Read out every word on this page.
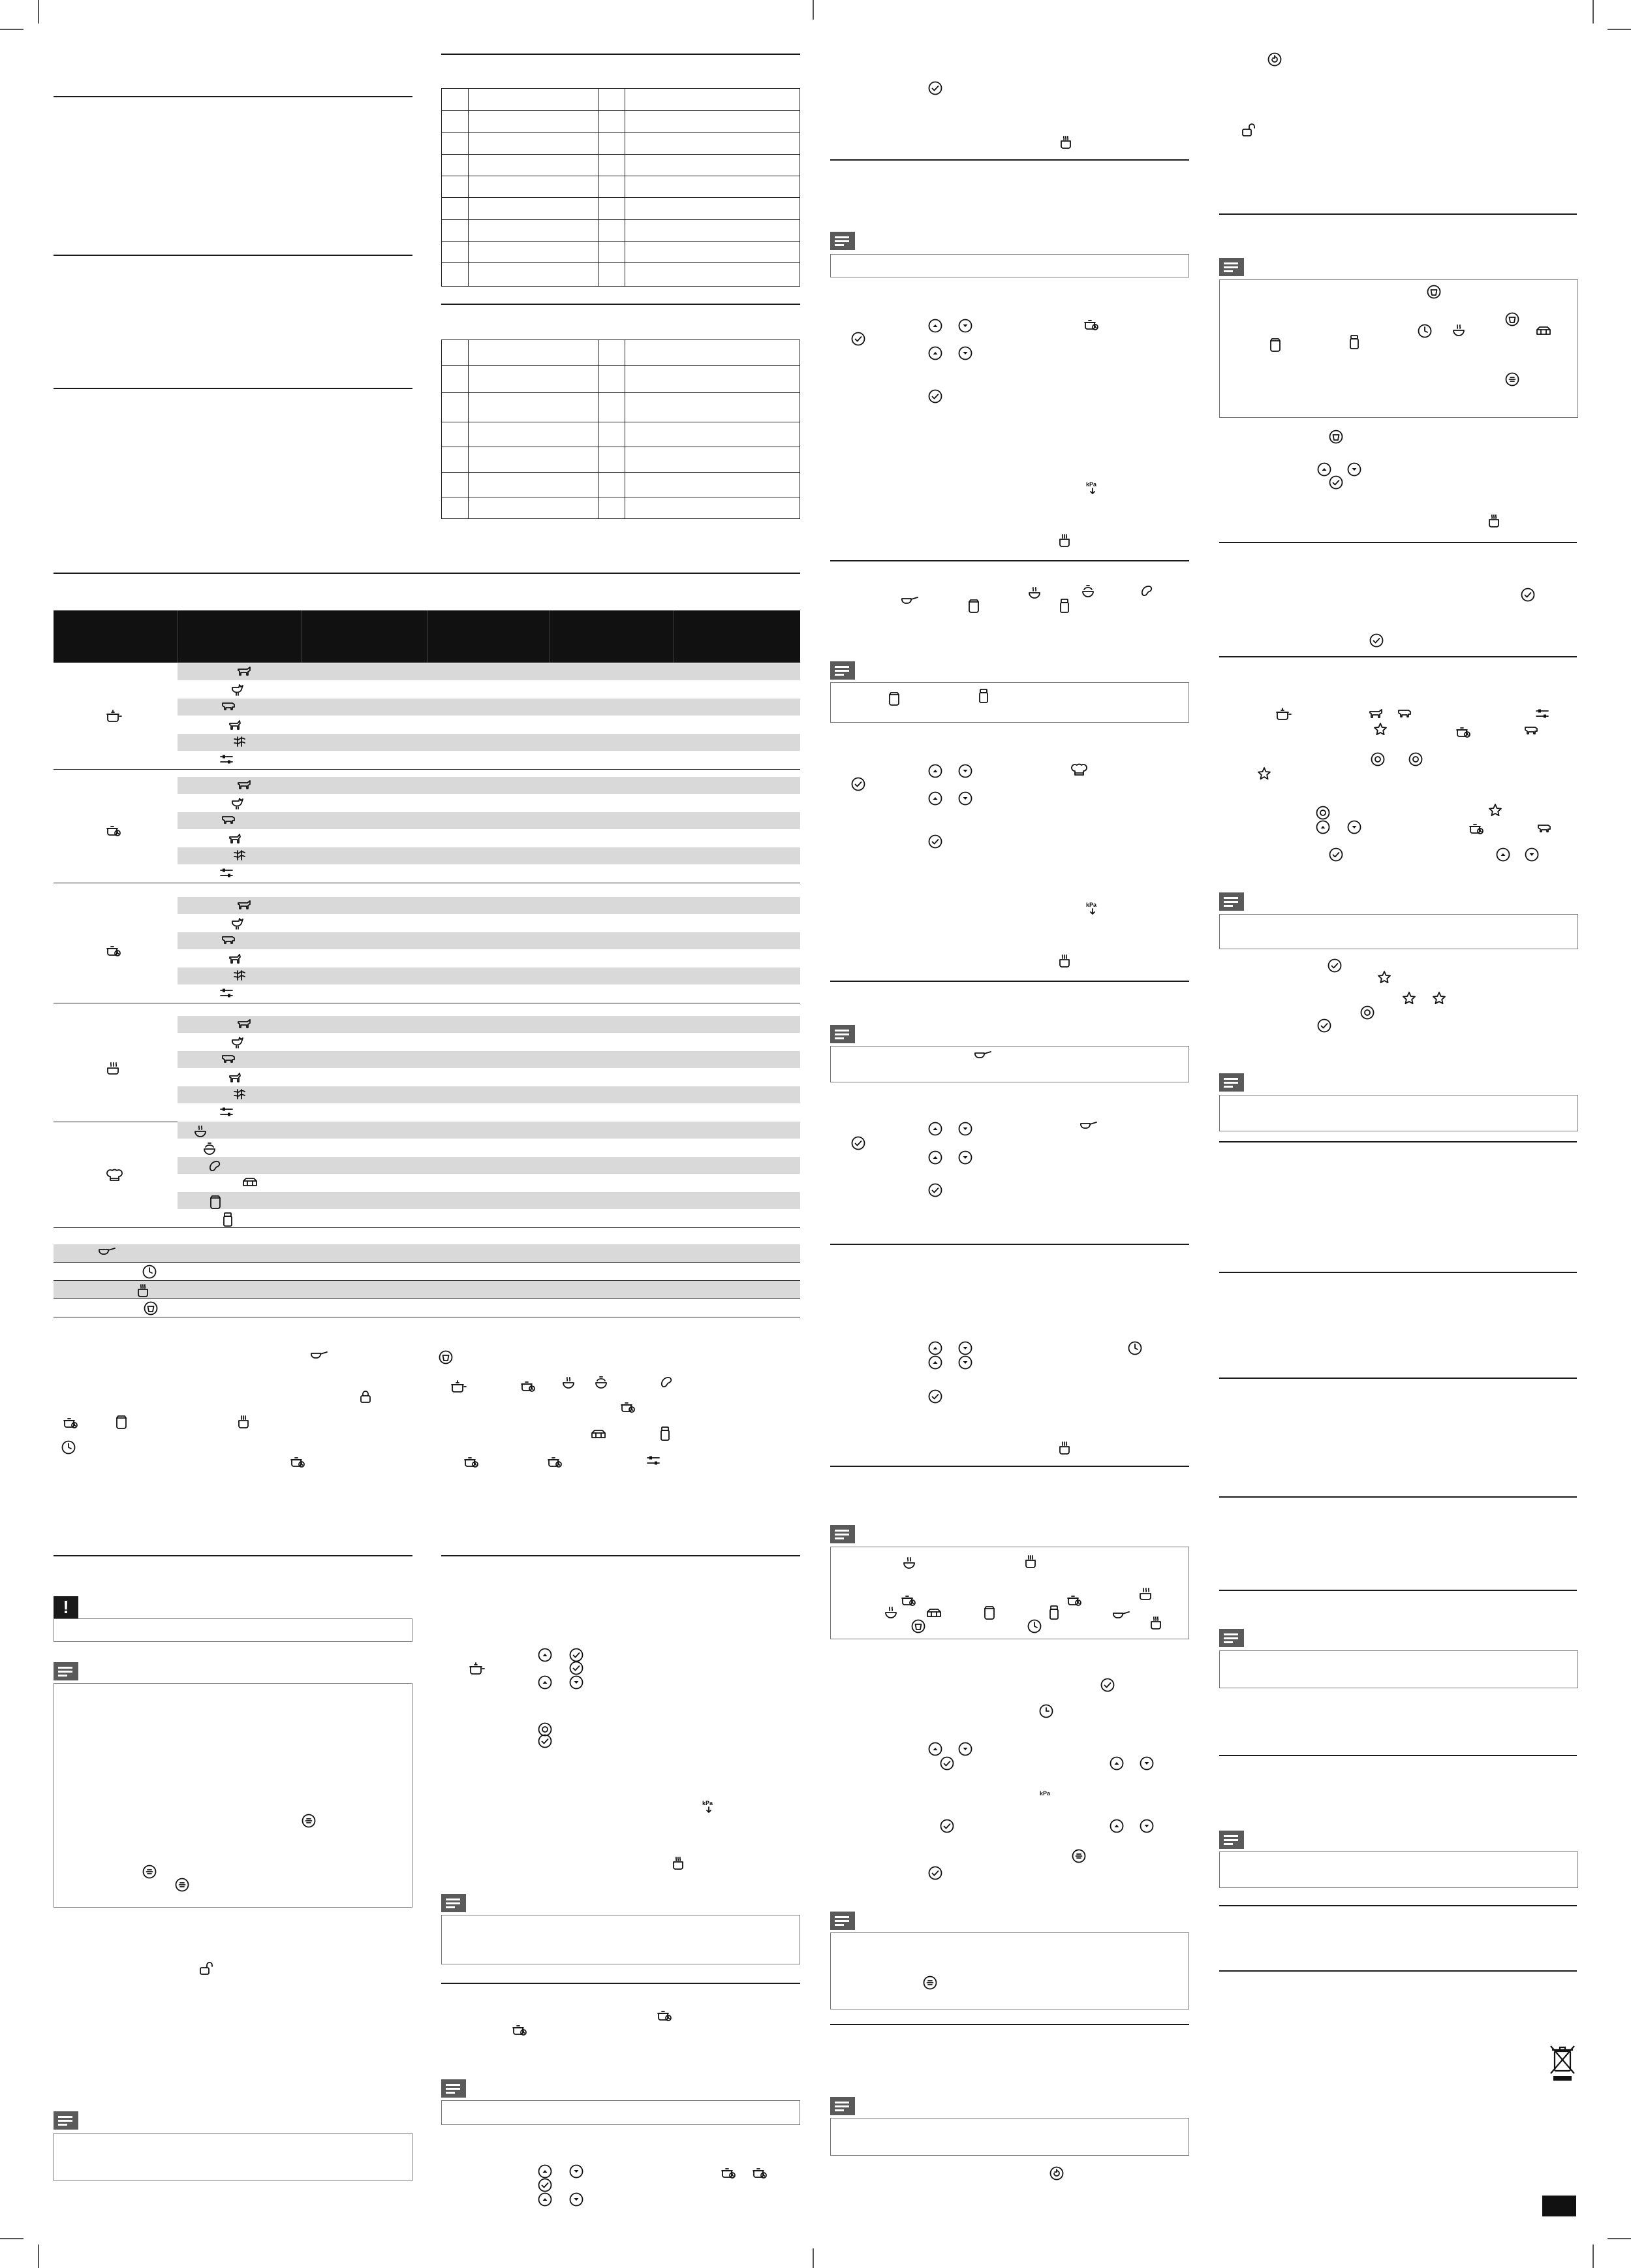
!
kPa
kPa
kPa
kPa
